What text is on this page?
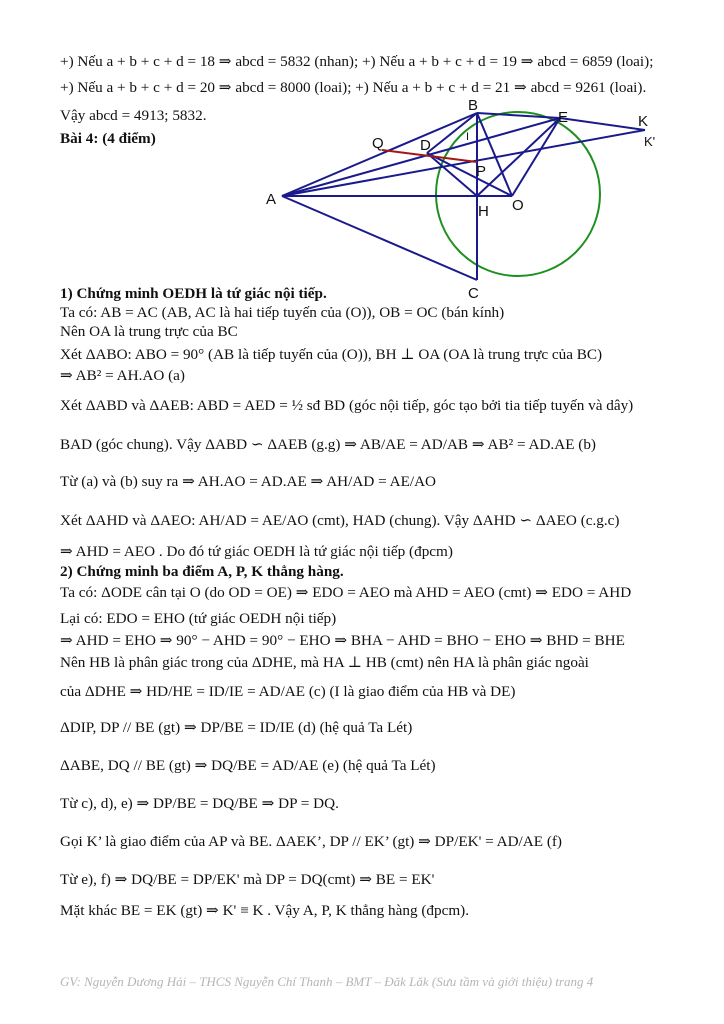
+) Nếu a + b + c + d = 18 ⇒ abcd = 5832 (nhan); +) Nếu a + b + c + d = 19 ⇒ abcd = 6859 (loai);
+) Nếu a + b + c + d = 20 ⇒ abcd = 8000 (loai); +) Nếu a + b + c + d = 21 ⇒ abcd = 9261 (loai).
Vậy abcd = 4913; 5832.
Bài 4: (4 điểm)
A
B
C
D
E
H O
P
Q
K
K'
I
1) Chứng minh OEDH là tứ giác nội tiếp.
Ta có: AB = AC (AB, AC là hai tiếp tuyến của (O)), OB = OC (bán kính)
Nên OA là trung trực của BC
Xét ΔABO: ABO = 90° (AB là tiếp tuyến của (O)), BH ⊥ OA (OA là trung trực của BC)
⇒ AB² = AH.AO (a)
Xét ΔABD và ΔAEB: ABD = AED = ½ sđ BD (góc nội tiếp, góc tạo bởi tia tiếp tuyến và dây)
BAD (góc chung). Vậy ΔABD ∽ ΔAEB (g.g) ⇒ AB/AE = AD/AB ⇒ AB² = AD.AE (b)
Từ (a) và (b) suy ra ⇒ AH.AO = AD.AE ⇒ AH/AD = AE/AO
Xét ΔAHD và ΔAEO: AH/AD = AE/AO (cmt), HAD (chung). Vậy ΔAHD ∽ ΔAEO (c.g.c)
⇒ AHD = AEO . Do đó tứ giác OEDH là tứ giác nội tiếp (đpcm)
2) Chứng minh ba điểm A, P, K thẳng hàng.
Ta có: ΔODE cân tại O (do OD = OE) ⇒ EDO = AEO mà AHD = AEO (cmt) ⇒ EDO = AHD
Lại có: EDO = EHO (tứ giác OEDH nội tiếp)
⇒ AHD = EHO ⇒ 90° − AHD = 90° − EHO ⇒ BHA − AHD = BHO − EHO ⇒ BHD = BHE
Nên HB là phân giác trong của ΔDHE, mà HA ⊥ HB (cmt) nên HA là phân giác ngoài
của ΔDHE ⇒ HD/HE = ID/IE = AD/AE (c) (I là giao điểm của HB và DE)
ΔDIP, DP // BE (gt) ⇒ DP/BE = ID/IE (d) (hệ quả Ta Lét)
ΔABE, DQ // BE (gt) ⇒ DQ/BE = AD/AE (e) (hệ quả Ta Lét)
Từ c), d), e) ⇒ DP/BE = DQ/BE ⇒ DP = DQ.
Gọi K’ là giao điểm của AP và BE. ΔAEK’, DP // EK’ (gt) ⇒ DP/EK' = AD/AE (f)
Từ e), f) ⇒ DQ/BE = DP/EK' mà DP = DQ(cmt) ⇒ BE = EK'
Mặt khác BE = EK (gt) ⇒ K' ≡ K . Vậy A, P, K thẳng hàng (đpcm).
GV: Nguyễn Dương Hải – THCS Nguyễn Chí Thanh – BMT – Đăk Lăk (Sưu tầm và giới thiệu) trang 4
